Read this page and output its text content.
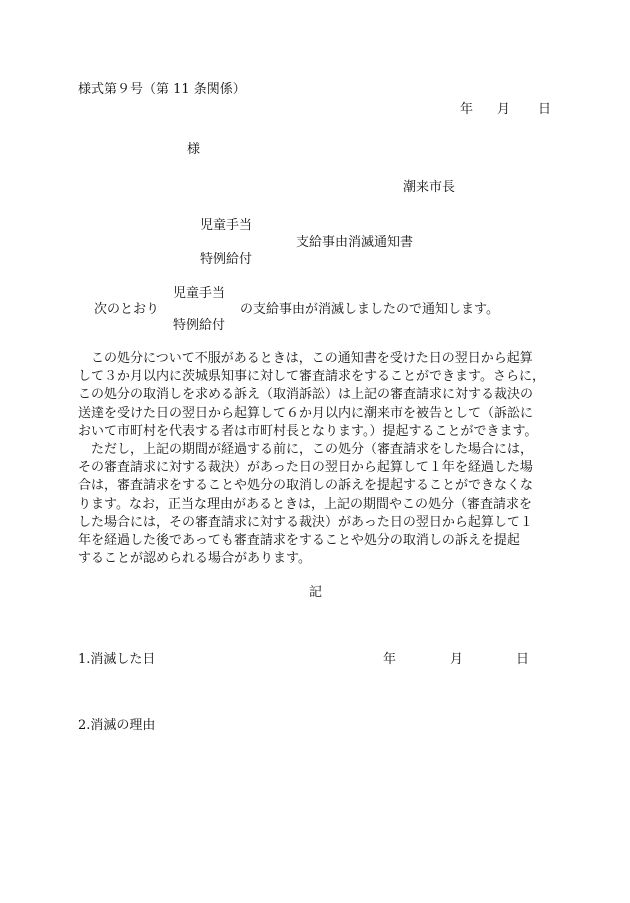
様式第９号（第 11 条関係）
年 月 日
様
潮来市長
児童手当
支給事由消滅通知書
特例給付
児童手当
次のとおり	の支給事由が消滅しましたので通知します。
特例給付

　この処分について不服があるときは，この通知書を受けた日の翌日から起算
して３か月以内に茨城県知事に対して審査請求をすることができます。さらに，
この処分の取消しを求める訴え（取消訴訟）は上記の審査請求に対する裁決の
送達を受けた日の翌日から起算して６か月以内に潮来市を被告として（訴訟に
おいて市町村を代表する者は市町村長となります。）提起することができます。

　ただし，上記の期間が経過する前に，この処分（審査請求をした場合には，
その審査請求に対する裁決）があった日の翌日から起算して１年を経過した場
合は，審査請求をすることや処分の取消しの訴えを提起することができなくな
ります。なお，正当な理由があるときは，上記の期間やこの処分（審査請求を
した場合には，その審査請求に対する裁決）があった日の翌日から起算して１
年を経過した後であっても審査請求をすることや処分の取消しの訴えを提起
することが認められる場合があります。

記
1.消滅した日	年	月	日
2.消滅の理由
